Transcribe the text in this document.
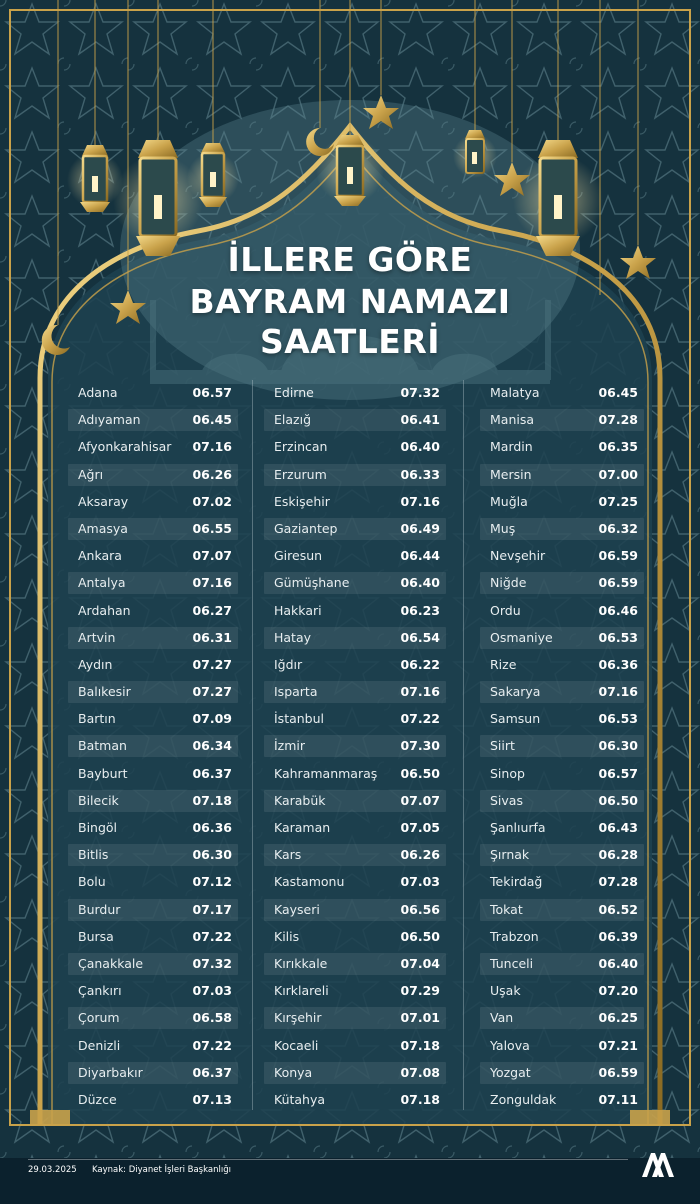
İLLERE GÖRE
BAYRAM NAMAZI
SAATLERİ
Adana	06.57
Adıyaman	06.45
Afyonkarahisar 07.16
Ağrı	06.26
Aksaray	07.02
Amasya	06.55
Ankara	07.07
Antalya	07.16
Ardahan	06.27
Artvin	06.31
Aydın	07.27
Balıkesir	07.27
Bartın	07.09
Batman	06.34
Bayburt	06.37
Bilecik	07.18
Bingöl	06.36
Bitlis	06.30
Bolu	07.12
Burdur	07.17
Bursa	07.22
Çanakkale	07.32
Çankırı	07.03
Çorum	06.58
Denizli	07.22
Diyarbakır	06.37
Düzce	07.13
Edirne	07.32
Elazığ	06.41
Erzincan	06.40
Erzurum	06.33
Eskişehir	07.16
Gaziantep	06.49
Giresun	06.44
Gümüşhane	06.40
Hakkari	06.23
Hatay	06.54
Iğdır	06.22
Isparta	07.16
İstanbul	07.22
İzmir	07.30
Kahramanmaraş 06.50
Karabük	07.07
Karaman	07.05
Kars	06.26
Kastamonu	07.03
Kayseri	06.56
Kilis	06.50
Kırıkkale	07.04
Kırklareli	07.29
Kırşehir	07.01
Kocaeli	07.18
Konya	07.08
Kütahya	07.18
Malatya	06.45
Manisa	07.28
Mardin	06.35
Mersin	07.00
Muğla	07.25
Muş	06.32
Nevşehir	06.59
Niğde	06.59
Ordu	06.46
Osmaniye	06.53
Rize	06.36
Sakarya	07.16
Samsun	06.53
Siirt	06.30
Sinop	06.57
Sivas	06.50
Şanlıurfa	06.43
Şırnak	06.28
Tekirdağ	07.28
Tokat	06.52
Trabzon	06.39
Tunceli	06.40
Uşak	07.20
Van	06.25
Yalova	07.21
Yozgat	06.59
Zonguldak	07.11
29.03.2025 Kaynak: Diyanet İşleri Başkanlığı
